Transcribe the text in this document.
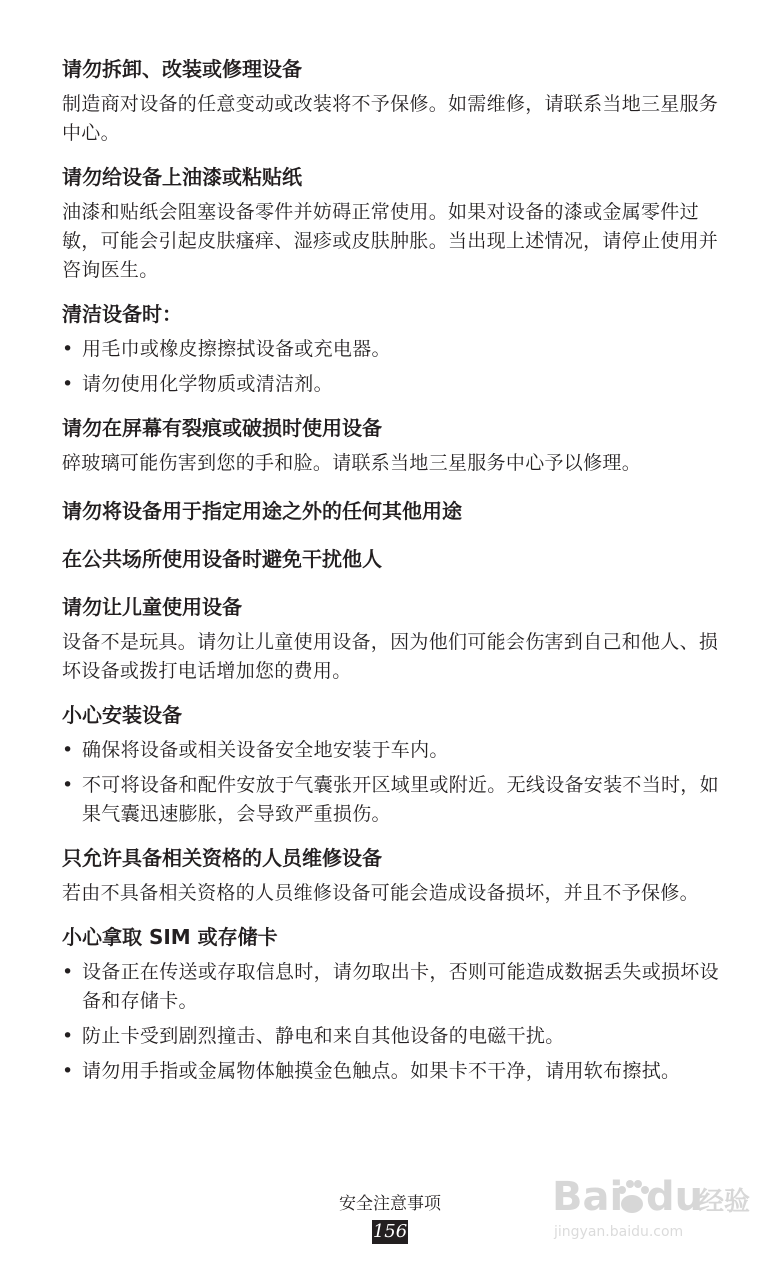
请勿拆卸、改装或修理设备

制造商对设备的任意变动或改装将不予保修。如需维修，请联系当地三星服务中心。

请勿给设备上油漆或粘贴纸

油漆和贴纸会阻塞设备零件并妨碍正常使用。如果对设备的漆或金属零件过敏，可能会引起皮肤瘙痒、湿疹或皮肤肿胀。当出现上述情况，请停止使用并咨询医生。

清洁设备时：
• 用毛巾或橡皮擦擦拭设备或充电器。
• 请勿使用化学物质或清洁剂。
请勿在屏幕有裂痕或破损时使用设备

碎玻璃可能伤害到您的手和脸。请联系当地三星服务中心予以修理。

请勿将设备用于指定用途之外的任何其他用途
在公共场所使用设备时避免干扰他人
请勿让儿童使用设备

设备不是玩具。请勿让儿童使用设备，因为他们可能会伤害到自己和他人、损坏设备或拨打电话增加您的费用。

小心安装设备
• 确保将设备或相关设备安全地安装于车内。
• 不可将设备和配件安放于气囊张开区域里或附近。无线设备安装不当时，如果气囊迅速膨胀，会导致严重损伤。
只允许具备相关资格的人员维修设备

若由不具备相关资格的人员维修设备可能会造成设备损坏，并且不予保修。

小心拿取 SIM 或存储卡
• 设备正在传送或存取信息时，请勿取出卡，否则可能造成数据丢失或损坏设备和存储卡。
• 防止卡受到剧烈撞击、静电和来自其他设备的电磁干扰。
• 请勿用手指或金属物体触摸金色触点。如果卡不干净，请用软布擦拭。
安全注意事项
156
Bai du
经验
jingyan.baidu.com
